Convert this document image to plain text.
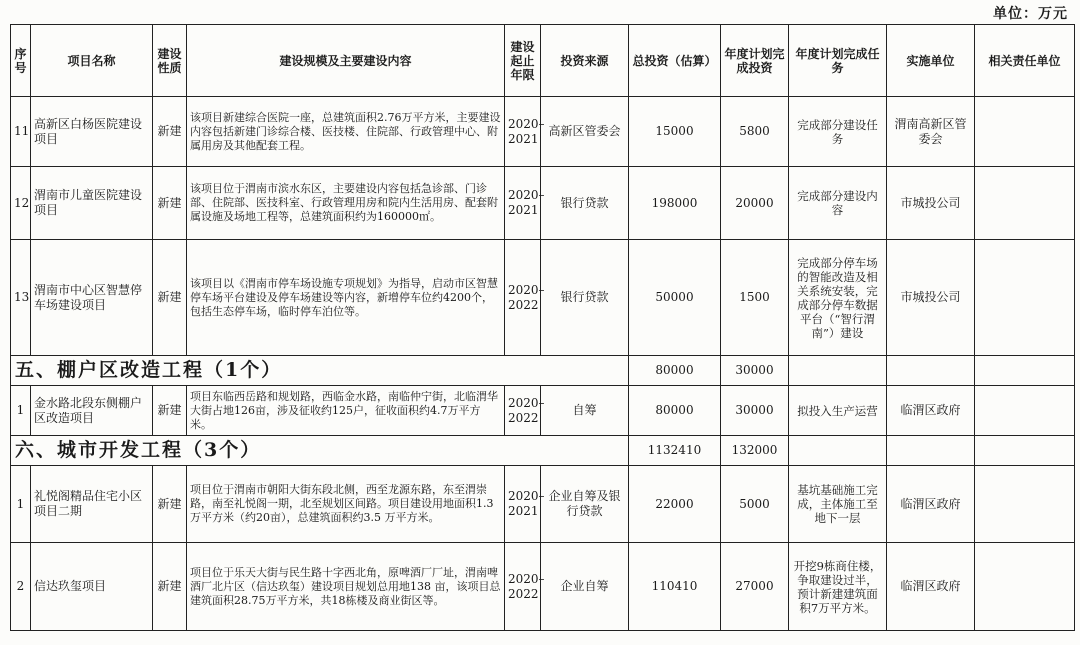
单位：万元
序号	项目名称	建设性质	建设规模及主要建设内容	建设起止年限	投资来源	总投资（估算）	年度计划完成投资	年度计划完成任务	实施单位	相关责任单位
11	高新区白杨医院建设项目	新建	该项目新建综合医院一座，总建筑面积2.76万平方米，主要建设内容包括新建门诊综合楼、医技楼、住院部、行政管理中心、附属用房及其他配套工程。	2020–2021	高新区管委会	15000	5800	完成部分建设任务	渭南高新区管委会	
12	渭南市儿童医院建设项目	新建	该项目位于渭南市滨水东区，主要建设内容包括急诊部、门诊部、住院部、医技科室、行政管理用房和院内生活用房、配套附属设施及场地工程等，总建筑面积约为160000㎡。	2020–2021	银行贷款	198000	20000	完成部分建设内容	市城投公司	
13	渭南市中心区智慧停车场建设项目	新建	该项目以《渭南市停车场设施专项规划》为指导，启动市区智慧停车场平台建设及停车场建设等内容，新增停车位约4200个，包括生态停车场，临时停车泊位等。	2020–2022	银行贷款	50000	1500	完成部分停车场的智能改造及相关系统安装，完成部分停车数据平台（“智行渭南”）建设	市城投公司	
五、棚户区改造工程（1个）						80000	30000			
1	金水路北段东侧棚户区改造项目	新建	项目东临西岳路和规划路，西临金水路，南临仲宁街，北临渭华大街占地126亩，涉及征收约125户，征收面积约4.7万平方米。	2020–2022	自筹	80000	30000	拟投入生产运营	临渭区政府	
六、城市开发工程（3个）						1132410	132000			
1	礼悦阁精品住宅小区项目二期	新建	项目位于渭南市朝阳大街东段北侧，西至龙源东路，东至渭崇路，南至礼悦阁一期，北至规划区间路。项目建设用地面积1.3万平方米（约20亩），总建筑面积约3.5 万平方米。	2020–2021	企业自筹及银行贷款	22000	5000	基坑基础施工完成，主体施工至地下一层	临渭区政府	
2	信达玖玺项目	新建	项目位于乐天大街与民生路十字西北角，原啤酒厂厂址，渭南啤酒厂北片区（信达玖玺）建设项目规划总用地138 亩，该项目总建筑面积28.75万平方米，共18栋楼及商业街区等。	2020–2022	企业自筹	110410	27000	开挖9栋商住楼，争取建设过半，预计新建建筑面积7万平方米。	临渭区政府	
